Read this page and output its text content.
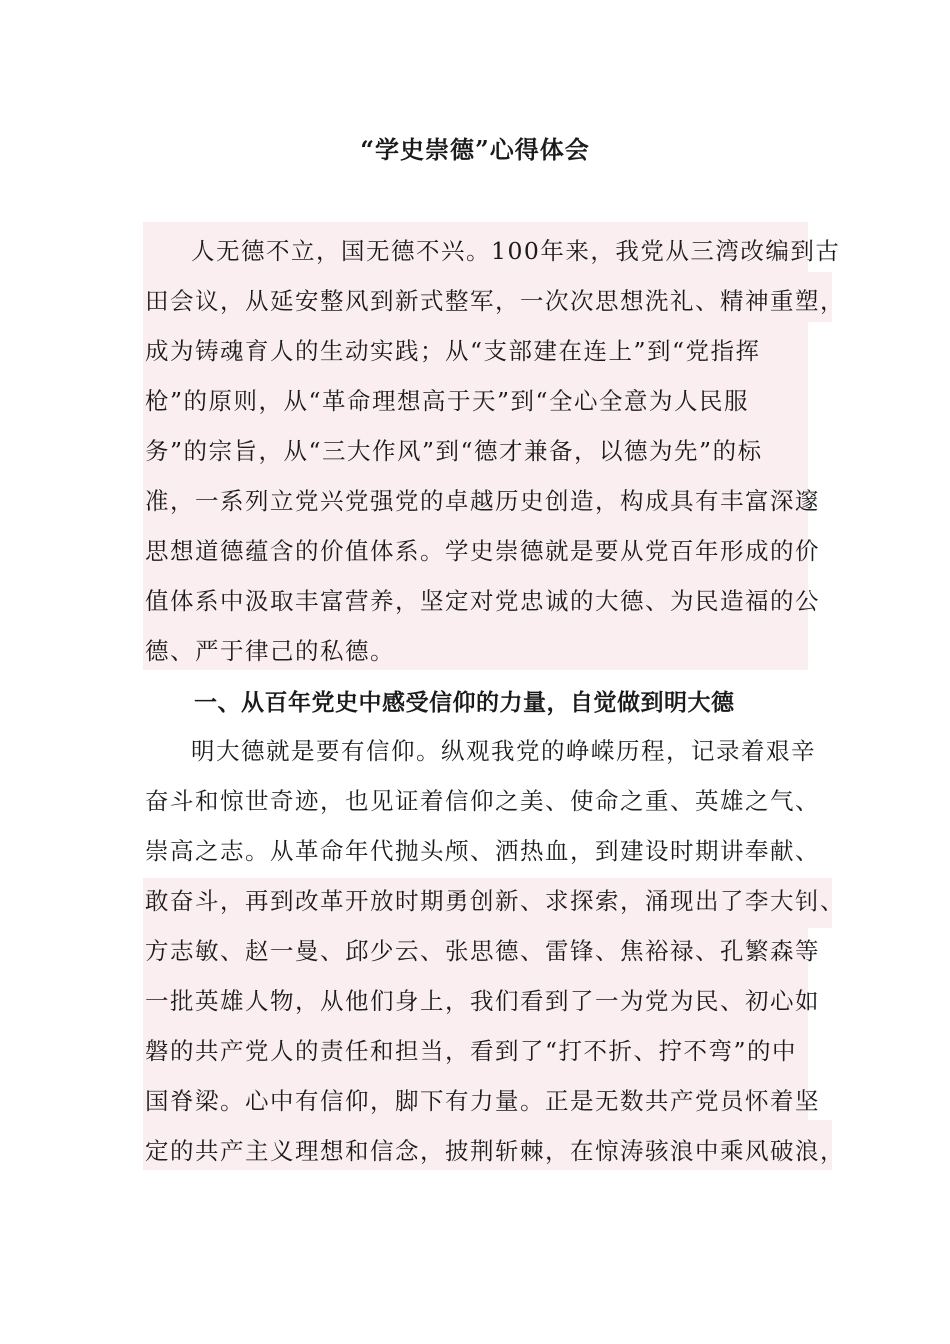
“学史崇德”心得体会
人无德不立，国无德不兴。100年来，我党从三湾改编到古
田会议，从延安整风到新式整军，一次次思想洗礼、精神重塑，
成为铸魂育人的生动实践；从“支部建在连上”到“党指挥
枪”的原则，从“革命理想高于天”到“全心全意为人民服
务”的宗旨，从“三大作风”到“德才兼备，以德为先”的标
准，一系列立党兴党强党的卓越历史创造，构成具有丰富深邃
思想道德蕴含的价值体系。学史崇德就是要从党百年形成的价
值体系中汲取丰富营养，坚定对党忠诚的大德、为民造福的公
德、严于律己的私德。
一、从百年党史中感受信仰的力量，自觉做到明大德
明大德就是要有信仰。纵观我党的峥嵘历程，记录着艰辛
奋斗和惊世奇迹，也见证着信仰之美、使命之重、英雄之气、
崇高之志。从革命年代抛头颅、洒热血，到建设时期讲奉献、
敢奋斗，再到改革开放时期勇创新、求探索，涌现出了李大钊、
方志敏、赵一曼、邱少云、张思德、雷锋、焦裕禄、孔繁森等
一批英雄人物，从他们身上，我们看到了一为党为民、初心如
磐的共产党人的责任和担当，看到了“打不折、拧不弯”的中
国脊梁。心中有信仰，脚下有力量。正是无数共产党员怀着坚
定的共产主义理想和信念，披荆斩棘，在惊涛骇浪中乘风破浪，
